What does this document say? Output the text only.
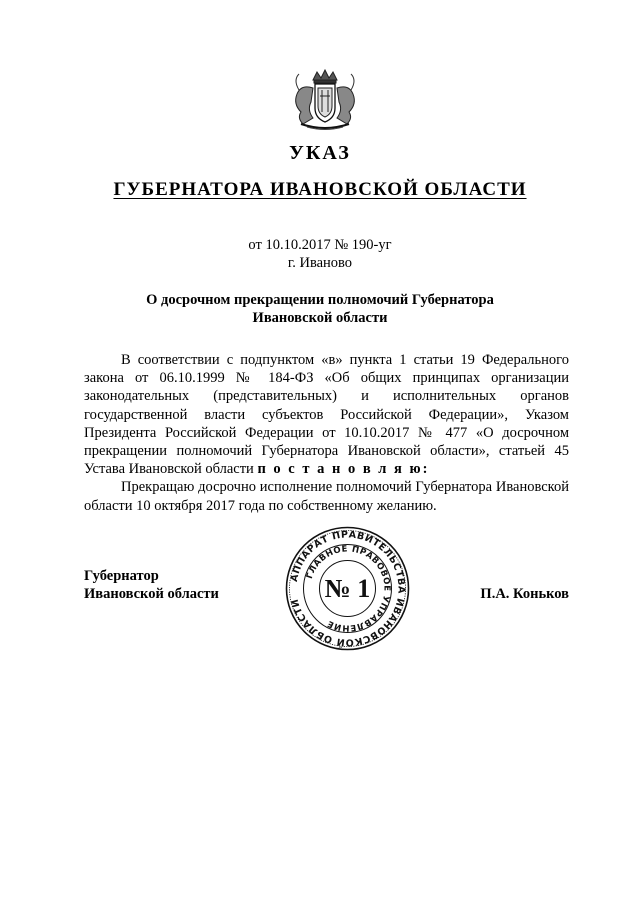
УКАЗ
ГУБЕРНАТОРА ИВАНОВСКОЙ ОБЛАСТИ
от 10.10.2017 № 190-уг
г. Иваново
О досрочном прекращении полномочий Губернатора Ивановской области

В соответствии с подпунктом «в» пункта 1 статьи 19 Федерального закона от 06.10.1999 № 184-ФЗ «Об общих принципах организации законодательных (представительных) и исполнительных органов государственной власти субъектов Российской Федерации», Указом Президента Российской Федерации от 10.10.2017 № 477 «О досрочном прекращении полномочий Губернатора Ивановской области», статьей 45 Устава Ивановской области п о с т а н о в л я ю:

Прекращаю досрочно исполнение полномочий Губернатора Ивановской области 10 октября 2017 года по собственному желанию.

Губернатор
Ивановской области	П.А. Коньков
АППАРАТ ПРАВИТЕЛЬСТВА ИВАНОВСКОЙ ОБЛАСТИ
ГЛАВНОЕ ПРАВОВОЕ УПРАВЛЕНИЕ
№ 1
